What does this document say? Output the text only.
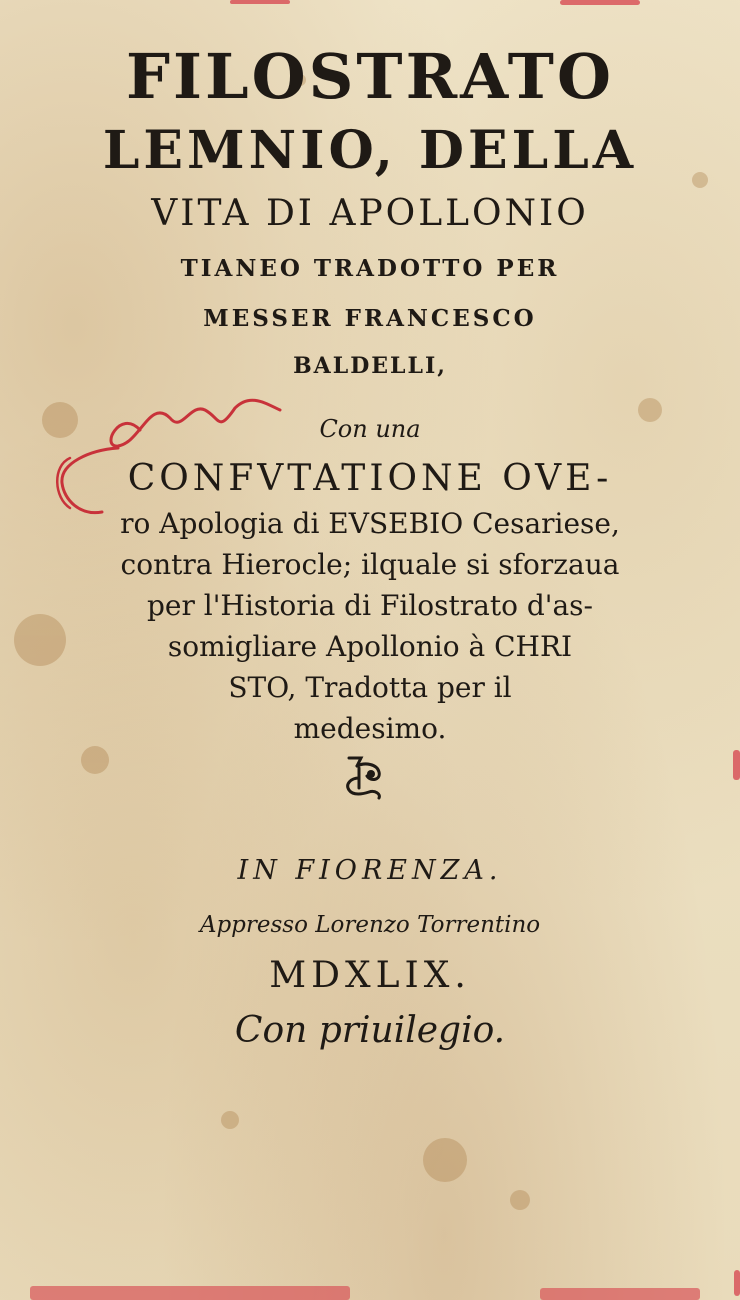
FILOSTRATO
LEMNIO, DELLA
VITA DI APOLLONIO
TIANEO TRADOTTO PER
MESSER FRANCESCO
BALDELLI,
Con una
CONFVTATIONE OVE-
ro Apologia di EVSEBIO Cesariese,
contra Hierocle; ilquale si sforzaua
per l'Historia di Filostrato d'as-
somigliare Apollonio à CHRI
STO, Tradotta per il
medesimo.
IN FIORENZA.
Appresso Lorenzo Torrentino
MDXLIX.
Con priuilegio.
